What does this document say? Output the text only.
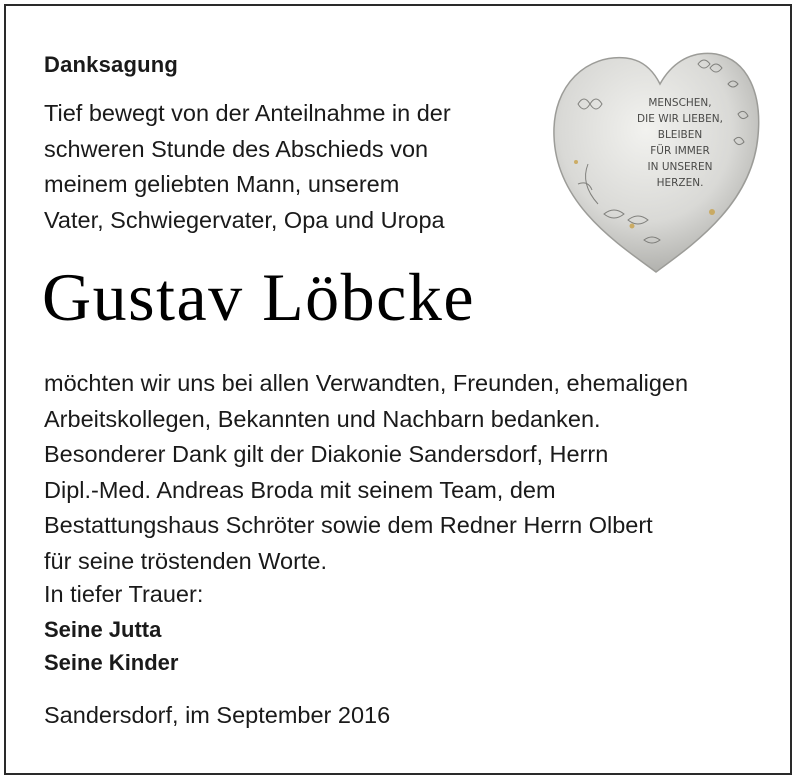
Danksagung
Tief bewegt von der Anteilnahme in der
schweren Stunde des Abschieds von
meinem geliebten Mann, unserem
Vater, Schwiegervater, Opa und Uropa
MENSCHEN,
DIE WIR LIEBEN,
BLEIBEN
FÜR IMMER
IN UNSEREN
HERZEN.
Gustav Löbcke
möchten wir uns bei allen Verwandten, Freunden, ehemaligen
Arbeitskollegen, Bekannten und Nachbarn bedanken.
Besonderer Dank gilt der Diakonie Sandersdorf, Herrn
Dipl.-Med. Andreas Broda mit seinem Team, dem
Bestattungshaus Schröter sowie dem Redner Herrn Olbert
für seine tröstenden Worte.
In tiefer Trauer:
Seine Jutta
Seine Kinder
Sandersdorf, im September 2016
